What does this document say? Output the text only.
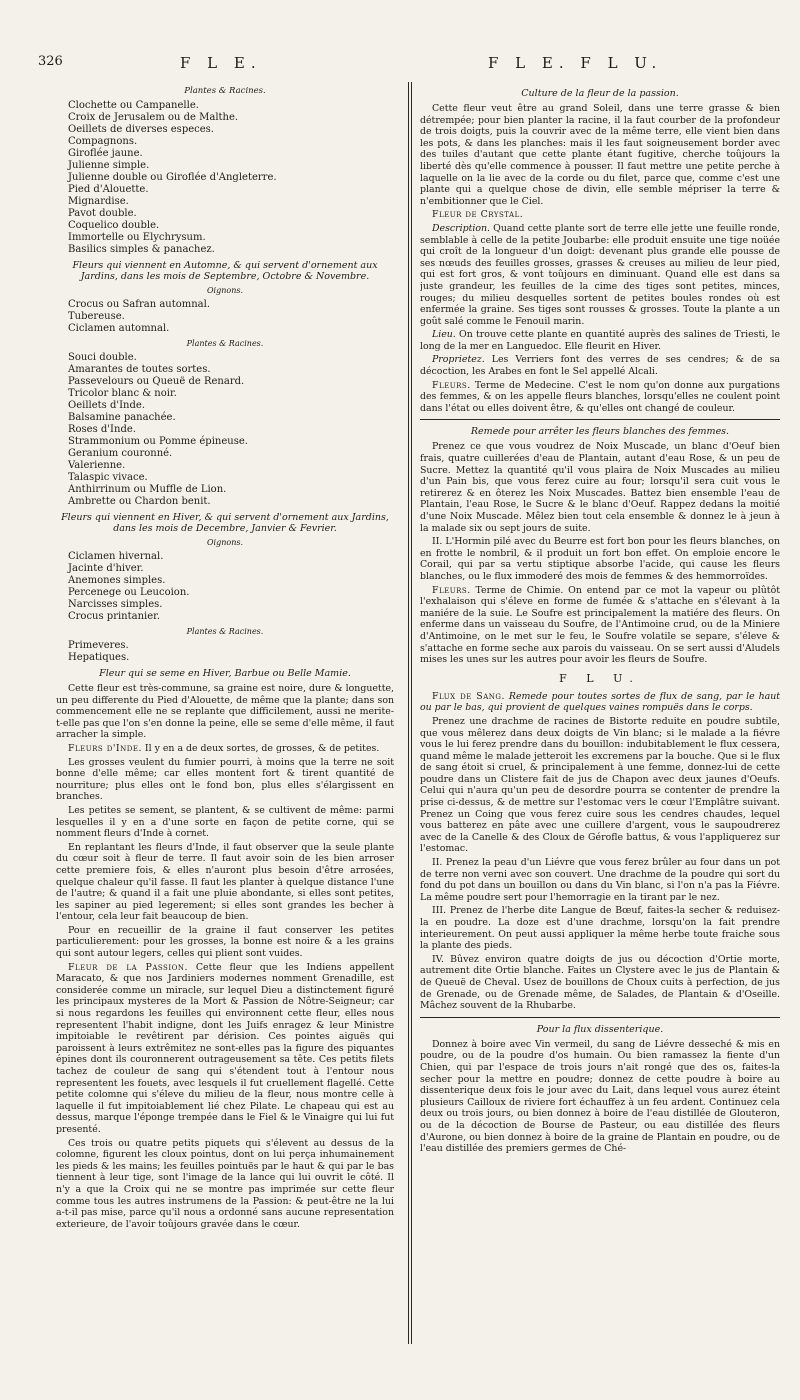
326	F L E.	F L E. F L U.
Plantes & Racines.
Clochette ou Campanelle.
Croix de Jerusalem ou de Malthe.
Oeillets de diverses especes.
Compagnons.
Giroflée jaune.
Julienne simple.
Julienne double ou Giroflée d'Angleterre.
Pied d'Alouette.
Mignardise.
Pavot double.
Coquelico double.
Immortelle ou Elychrysum.
Basilics simples & panachez.
Fleurs qui viennent en Automne, & qui servent d'ornement aux Jardins, dans les mois de Septembre, Octobre & Novembre.
Oignons.
Crocus ou Safran automnal.
Tubereuse.
Ciclamen automnal.
Plantes & Racines.
Souci double.
Amarantes de toutes sortes.
Passevelours ou Queuë de Renard.
Tricolor blanc & noir.
Oeillets d'Inde.
Balsamine panachée.
Roses d'Inde.
Strammonium ou Pomme épineuse.
Geranium couronné.
Valerienne.
Talaspic vivace.
Anthirrinum ou Muffle de Lion.
Ambrette ou Chardon benit.
Fleurs qui viennent en Hiver, & qui servent d'ornement aux Jardins, dans les mois de Decembre, Janvier & Fevrier.
Oignons.
Ciclamen hivernal.
Jacinte d'hiver.
Anemones simples.
Percenege ou Leucoion.
Narcisses simples.
Crocus printanier.
Plantes & Racines.
Primeveres.
Hepatiques.
Fleur qui se seme en Hiver, Barbue ou Belle Mamie.

Cette fleur est très-commune, sa graine est noire, dure & longuette, un peu differente du Pied d'Alouette, de même que la plante; dans son commencement elle ne se replante que difficilement, aussi ne merite-t-elle pas que l'on s'en donne la peine, elle se seme d'elle même, il faut arracher la simple.

Fleurs d'Inde. Il y en a de deux sortes, de grosses, & de petites.

Les grosses veulent du fumier pourri, à moins que la terre ne soit bonne d'elle même; car elles montent fort & tirent quantité de nourriture; plus elles ont le fond bon, plus elles s'élargissent en branches.

Les petites se sement, se plantent, & se cultivent de même: parmi lesquelles il y en a d'une sorte en façon de petite corne, qui se nomment fleurs d'Inde à cornet.

En replantant les fleurs d'Inde, il faut observer que la seule plante du cœur soit à fleur de terre. Il faut avoir soin de les bien arroser cette premiere fois, & elles n'auront plus besoin d'être arrosées, quelque chaleur qu'il fasse. Il faut les planter à quelque distance l'une de l'autre; & quand il a fait une pluie abondante, si elles sont petites, les sapiner au pied legerement; si elles sont grandes les becher à l'entour, cela leur fait beaucoup de bien.

Pour en recueillir de la graine il faut conserver les petites particulierement: pour les grosses, la bonne est noire & a les grains qui sont autour legers, celles qui plient sont vuides.

Fleur de la Passion. Cette fleur que les Indiens appellent Maracato, & que nos Jardiniers modernes nomment Grenadille, est considerée comme un miracle, sur lequel Dieu a distinctement figuré les principaux mysteres de la Mort & Passion de Nôtre-Seigneur; car si nous regardons les feuilles qui environnent cette fleur, elles nous representent l'habit indigne, dont les Juifs enragez & leur Ministre impitoiable le revêtirent par dérision. Ces pointes aiguës qui paroissent à leurs extrêmitez ne sont-elles pas la figure des piquantes épines dont ils couronnerent outrageusement sa tête. Ces petits filets tachez de couleur de sang qui s'étendent tout à l'entour nous representent les fouets, avec lesquels il fut cruellement flagellé. Cette petite colomne qui s'éleve du milieu de la fleur, nous montre celle à laquelle il fut impitoiablement lié chez Pilate. Le chapeau qui est au dessus, marque l'éponge trempée dans le Fiel & le Vinaigre qui lui fut presenté.

Ces trois ou quatre petits piquets qui s'élevent au dessus de la colomne, figurent les cloux pointus, dont on lui perça inhumainement les pieds & les mains; les feuilles pointuës par le haut & qui par le bas tiennent à leur tige, sont l'image de la lance qui lui ouvrit le côté. Il n'y a que la Croix qui ne se montre pas imprimée sur cette fleur comme tous les autres instrumens de la Passion: & peut-être ne la lui a-t-il pas mise, parce qu'il nous a ordonné sans aucune representation exterieure, de l'avoir toûjours gravée dans le cœur.

Culture de la fleur de la passion.

Cette fleur veut être au grand Soleil, dans une terre grasse & bien détrempée; pour bien planter la racine, il la faut courber de la profondeur de trois doigts, puis la couvrir avec de la même terre, elle vient bien dans les pots, & dans les planches: mais il les faut soigneusement border avec des tuiles d'autant que cette plante étant fugitive, cherche toûjours la liberté dès qu'elle commence à pousser. Il faut mettre une petite perche à laquelle on la lie avec de la corde ou du filet, parce que, comme c'est une plante qui a quelque chose de divin, elle semble mépriser la terre & n'embitionner que le Ciel.

Fleur de Crystal.

Description. Quand cette plante sort de terre elle jette une feuille ronde, semblable à celle de la petite Joubarbe: elle produit ensuite une tige noüée qui croît de la longueur d'un doigt: devenant plus grande elle pousse de ses nœuds des feuilles grosses, grasses & creuses au milieu de leur pied, qui est fort gros, & vont toûjours en diminuant. Quand elle est dans sa juste grandeur, les feuilles de la cime des tiges sont petites, minces, rouges; du milieu desquelles sortent de petites boules rondes où est enfermée la graine. Ses tiges sont rousses & grosses. Toute la plante a un goût salé comme le Fenouil marin.

Lieu. On trouve cette plante en quantité auprès des salines de Triesti, le long de la mer en Languedoc. Elle fleurit en Hiver.

Proprietez. Les Verriers font des verres de ses cendres; & de sa décoction, les Arabes en font le Sel appellé Alcali.

Fleurs. Terme de Medecine. C'est le nom qu'on donne aux purgations des femmes, & on les appelle fleurs blanches, lorsqu'elles ne coulent point dans l'état ou elles doivent être, & qu'elles ont changé de couleur.

Remede pour arrêter les fleurs blanches des femmes.

Prenez ce que vous voudrez de Noix Muscade, un blanc d'Oeuf bien frais, quatre cuillerées d'eau de Plantain, autant d'eau Rose, & un peu de Sucre. Mettez la quantité qu'il vous plaira de Noix Muscades au milieu d'un Pain bis, que vous ferez cuire au four; lorsqu'il sera cuit vous le retirerez & en ôterez les Noix Muscades. Battez bien ensemble l'eau de Plantain, l'eau Rose, le Sucre & le blanc d'Oeuf. Rappez dedans la moitié d'une Noix Muscade. Mêlez bien tout cela ensemble & donnez le à jeun à la malade six ou sept jours de suite.

II. L'Hormin pilé avec du Beurre est fort bon pour les fleurs blanches, on en frotte le nombril, & il produit un fort bon effet. On emploie encore le Corail, qui par sa vertu stiptique absorbe l'acide, qui cause les fleurs blanches, ou le flux immoderé des mois de femmes & des hemmorroïdes.

Fleurs. Terme de Chimie. On entend par ce mot la vapeur ou plûtôt l'exhalaison qui s'éleve en forme de fumée & s'attache en s'élevant à la maniére de la suie. Le Soufre est principalement la matiére des fleurs. On enferme dans un vaisseau du Soufre, de l'Antimoine crud, ou de la Miniere d'Antimoine, on le met sur le feu, le Soufre volatile se separe, s'éleve & s'attache en forme seche aux parois du vaisseau. On se sert aussi d'Aludels mises les unes sur les autres pour avoir les fleurs de Soufre.

F L U.

Flux de Sang. Remede pour toutes sortes de flux de sang, par le haut ou par le bas, qui provient de quelques vaines rompuës dans le corps.

Prenez une drachme de racines de Bistorte reduite en poudre subtile, que vous mêlerez dans deux doigts de Vin blanc; si le malade a la fiévre vous le lui ferez prendre dans du bouillon: indubitablement le flux cessera, quand même le malade jetteroit les excremens par la bouche. Que si le flux de sang étoit si cruel, & principalement à une femme, donnez-lui de cette poudre dans un Clistere fait de jus de Chapon avec deux jaunes d'Oeufs. Celui qui n'aura qu'un peu de desordre pourra se contenter de prendre la prise ci-dessus, & de mettre sur l'estomac vers le cœur l'Emplâtre suivant. Prenez un Coing que vous ferez cuire sous les cendres chaudes, lequel vous batterez en pâte avec une cuillere d'argent, vous le saupoudrerez avec de la Canelle & des Cloux de Gérofle battus, & vous l'appliquerez sur l'estomac.

II. Prenez la peau d'un Liévre que vous ferez brûler au four dans un pot de terre non verni avec son couvert. Une drachme de la poudre qui sort du fond du pot dans un bouillon ou dans du Vin blanc, si l'on n'a pas la Fiévre. La même poudre sert pour l'hemorragie en la tirant par le nez.

III. Prenez de l'herbe dite Langue de Bœuf, faites-la secher & reduisez-la en poudre. La doze est d'une drachme, lorsqu'on la fait prendre interieurement. On peut aussi appliquer la même herbe toute fraiche sous la plante des pieds.

IV. Bûvez environ quatre doigts de jus ou décoction d'Ortie morte, autrement dite Ortie blanche. Faites un Clystere avec le jus de Plantain & de Queuë de Cheval. Usez de bouillons de Choux cuits à perfection, de jus de Grenade, ou de Grenade même, de Salades, de Plantain & d'Oseille. Mâchez souvent de la Rhubarbe.

Pour la flux dissenterique.

Donnez à boire avec Vin vermeil, du sang de Liévre desseché & mis en poudre, ou de la poudre d'os humain. Ou bien ramassez la fiente d'un Chien, qui par l'espace de trois jours n'ait rongé que des os, faites-la secher pour la mettre en poudre; donnez de cette poudre à boire au dissenterique deux fois le jour avec du Lait, dans lequel vous aurez éteint plusieurs Cailloux de riviere fort échauffez à un feu ardent. Continuez cela deux ou trois jours, ou bien donnez à boire de l'eau distillée de Glouteron, ou de la décoction de Bourse de Pasteur, ou eau distillée des fleurs d'Aurone, ou bien donnez à boire de la graine de Plantain en poudre, ou de l'eau distillée des premiers germes de Ché-
